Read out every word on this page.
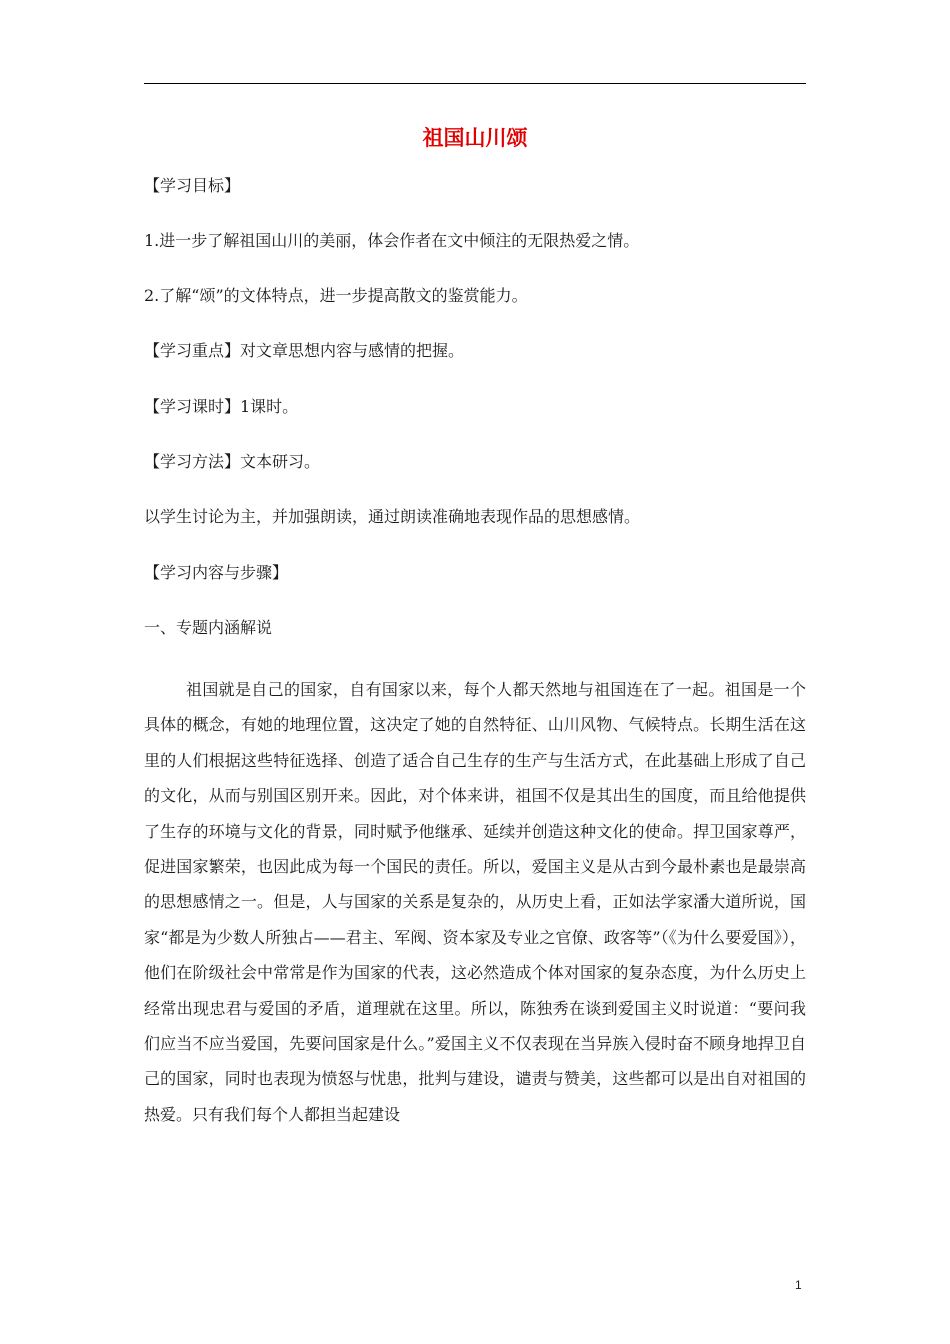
祖国山川颂
【学习目标】
1.进一步了解祖国山川的美丽，体会作者在文中倾注的无限热爱之情。
2.了解“颂”的文体特点，进一步提高散文的鉴赏能力。
【学习重点】对文章思想内容与感情的把握。
【学习课时】1课时。
【学习方法】文本研习。
以学生讨论为主，并加强朗读，通过朗读准确地表现作品的思想感情。
【学习内容与步骤】
一、专题内涵解说

祖国就是自己的国家，自有国家以来，每个人都天然地与祖国连在了一起。祖国是一个具体的概念，有她的地理位置，这决定了她的自然特征、山川风物、气候特点。长期生活在这里的人们根据这些特征选择、创造了适合自己生存的生产与生活方式，在此基础上形成了自己的文化，从而与别国区别开来。因此，对个体来讲，祖国不仅是其出生的国度，而且给他提供了生存的环境与文化的背景，同时赋予他继承、延续并创造这种文化的使命。捍卫国家尊严，促进国家繁荣，也因此成为每一个国民的责任。所以，爱国主义是从古到今最朴素也是最崇高的思想感情之一。但是，人与国家的关系是复杂的，从历史上看，正如法学家潘大道所说，国家“都是为少数人所独占——君主、军阀、资本家及专业之官僚、政客等”（《为什么要爱国》），他们在阶级社会中常常是作为国家的代表，这必然造成个体对国家的复杂态度，为什么历史上经常出现忠君与爱国的矛盾，道理就在这里。所以，陈独秀在谈到爱国主义时说道：“要问我们应当不应当爱国，先要问国家是什么。”爱国主义不仅表现在当异族入侵时奋不顾身地捍卫自己的国家，同时也表现为愤怒与忧患，批判与建设，谴责与赞美，这些都可以是出自对祖国的热爱。只有我们每个人都担当起建设

1
